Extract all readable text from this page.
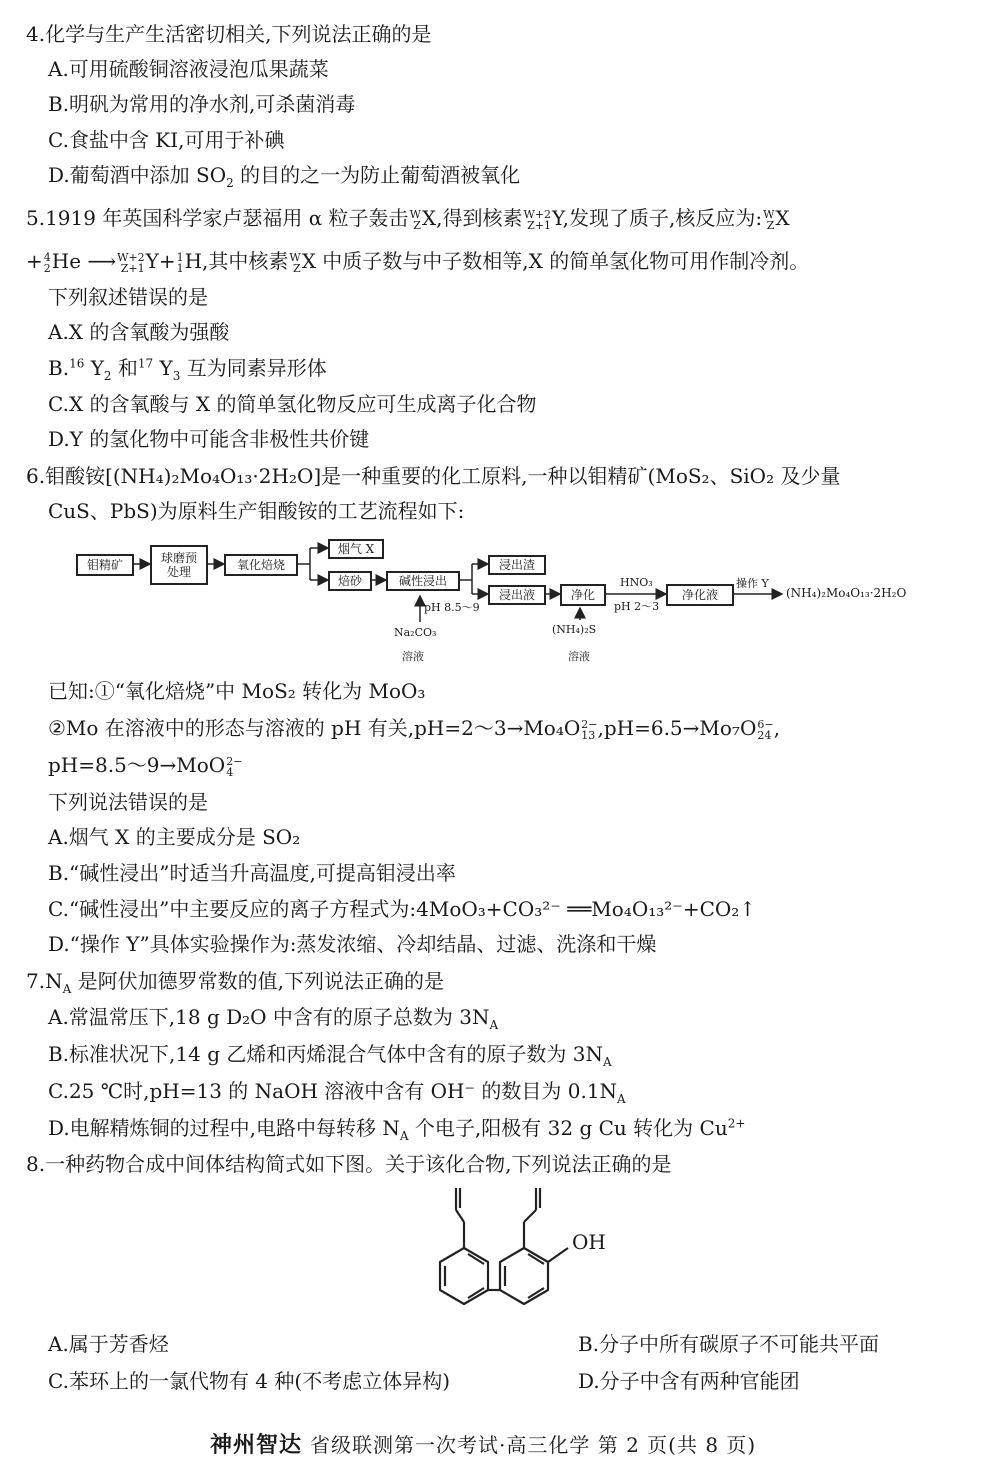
4.化学与生产生活密切相关,下列说法正确的是
A.可用硫酸铜溶液浸泡瓜果蔬菜
B.明矾为常用的净水剂,可杀菌消毒
C.食盐中含 KI,可用于补碘
D.葡萄酒中添加 $SO_2$ 的目的之一为防止葡萄酒被氧化
5.1919 年英国科学家卢瑟福用 α 粒子轰击W
ZX,得到核素W+2
Z+1Y,发现了质子,核反应为:W
ZX
+4
2He ⟶W+2
Z+1Y+1
1H,其中核素W
ZX 中质子数与中子数相等,X 的简单氢化物可用作制冷剂。
下列叙述错误的是
A.X 的含氧酸为强酸
B.$^{16}$ $Y_2$ 和$^{17}$ $Y_3$ 互为同素异形体
C.X 的含氧酸与 X 的简单氢化物反应可生成离子化合物
D.Y 的氢化物中可能含非极性共价键
6.钼酸铵[(NH₄)₂Mo₄O₁₃·2H₂O]是一种重要的化工原料,一种以钼精矿(MoS₂、SiO₂ 及少量
CuS、PbS)为原料生产钼酸铵的工艺流程如下:
钼精矿	球磨预
处理	氧化焙烧
烟气 X
焙砂	碱性浸出
浸出渣
浸出液	净化	净化液	(NH₄)₂Mo₄O₁₃·2H₂O
操作 Y
pH 8.5～9
Na₂CO₃
溶液
HNO₃
pH 2～3
(NH₄)₂S
溶液
已知:①“氧化焙烧”中 MoS₂ 转化为 MoO₃
②Mo 在溶液中的形态与溶液的 pH 有关,pH=2～3→Mo₄O2−
13 ,pH=6.5→Mo₇O6−
24 ,
pH=8.5～9→MoO2−
4
下列说法错误的是
A.烟气 X 的主要成分是 SO₂
B.“碱性浸出”时适当升高温度,可提高钼浸出率
C.“碱性浸出”中主要反应的离子方程式为:4MoO₃+CO₃²⁻ ══Mo₄O₁₃²⁻+CO₂↑
D.“操作 Y”具体实验操作为:蒸发浓缩、冷却结晶、过滤、洗涤和干燥
$7.N_A$ 是阿伏加德罗常数的值,下列说法正确的是
A.常温常压下,18 g D₂O 中含有的原子总数为 $3N_A$
B.标准状况下,14 g 乙烯和丙烯混合气体中含有的原子数为 $3N_A$
C.25 ℃时,pH=13 的 NaOH 溶液中含有 OH⁻ 的数目为 $0.1N_A$
D.电解精炼铜的过程中,电路中每转移 $N_A$ 个电子,阳极有 32 g Cu 转化为 $Cu^{2+}$
8.一种药物合成中间体结构简式如下图。关于该化合物,下列说法正确的是
OH
A.属于芳香烃	B.分子中所有碳原子不可能共平面
C.苯环上的一氯代物有 4 种(不考虑立体异构)	D.分子中含有两种官能团
神州智达 省级联测第一次考试·高三化学 第 2 页(共 8 页)
